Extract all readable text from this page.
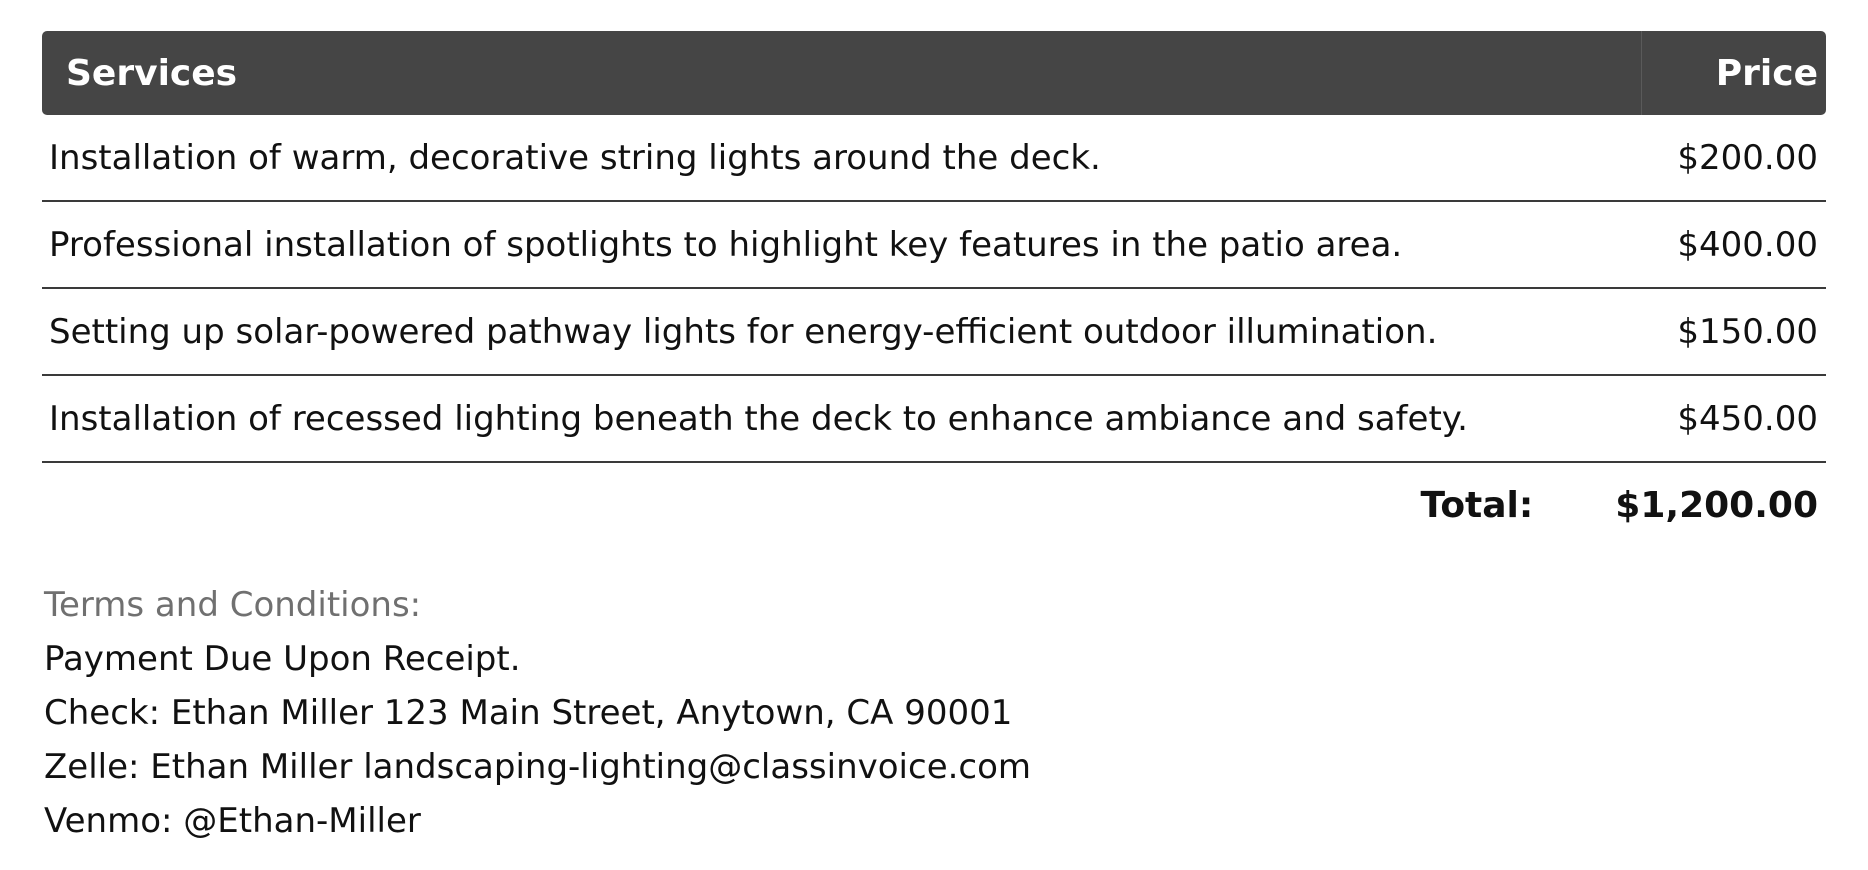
Services	Price
Installation of warm, decorative string lights around the deck.	$200.00
Professional installation of spotlights to highlight key features in the patio area.	$400.00
Setting up solar-powered pathway lights for energy-efficient outdoor illumination.	$150.00
Installation of recessed lighting beneath the deck to enhance ambiance and safety.	$450.00
Total: $1,200.00
Terms and Conditions:
Payment Due Upon Receipt.
Check: Ethan Miller 123 Main Street, Anytown, CA 90001
Zelle: Ethan Miller landscaping-lighting@classinvoice.com
Venmo: @Ethan-Miller
